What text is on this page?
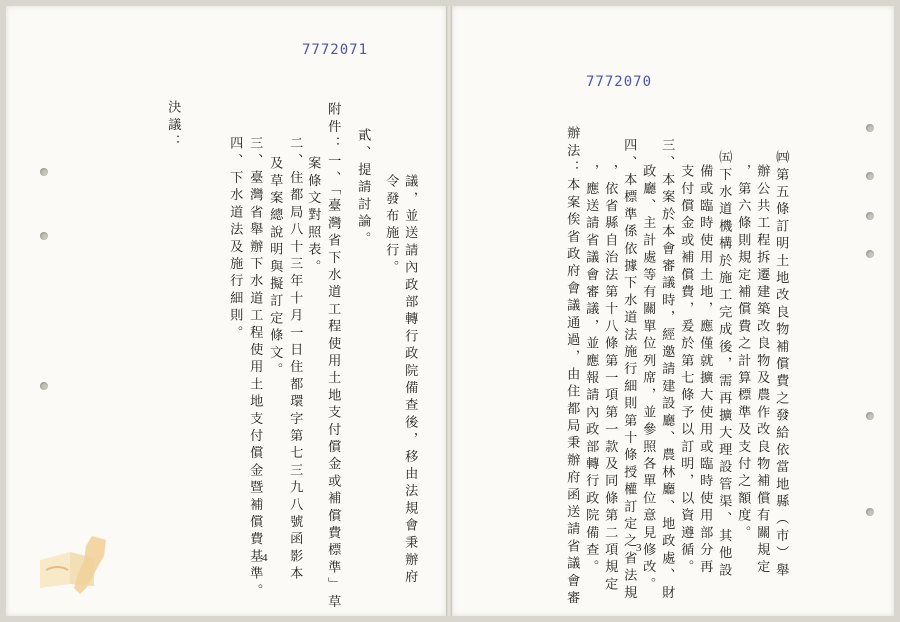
7772071
議，並送請內政部轉行政院備查後，移由法規會秉辦府
令發布施行。
貳、提請討論。
附件：一、「臺灣省下水道工程使用土地支付償金或補償費標準」草
案條文對照表。
二、住都局八十三年十月一日住都環字第七三九八號函影本
及草案總說明與擬訂定條文。
三、臺灣省舉辦下水道工程使用土地支付償金暨補償費基準。
四、下水道法及施行細則。
決議：
4
7772070
㈣第五條訂明土地改良物補償費之發給依當地縣（市）舉
辦公共工程拆遷建築改良物及農作改良物補償有關規定
，第六條則規定補償費之計算標準及支付之額度。
㈤下水道機構於施工完成後，需再擴大理設管渠、其他設
備或臨時使用土地，應僅就擴大使用或臨時使用部分再
支付償金或補償費，爰於第七條予以訂明，以資遵循。
三、本案於本會審議時，經邀請建設廳、農林廳、地政處、財
政廳、主計處等有關單位列席，並參照各單位意見修改。
四、本標準係依據下水道法施行細則第十條授權訂定之省法規
，依省縣自治法第十八條第一項第一款及同條第二項規定
，應送請省議會審議，並應報請內政部轉行政院備查。
辦法：本案俟省政府會議通過，由住都局秉辦府函送請省議會審	3
